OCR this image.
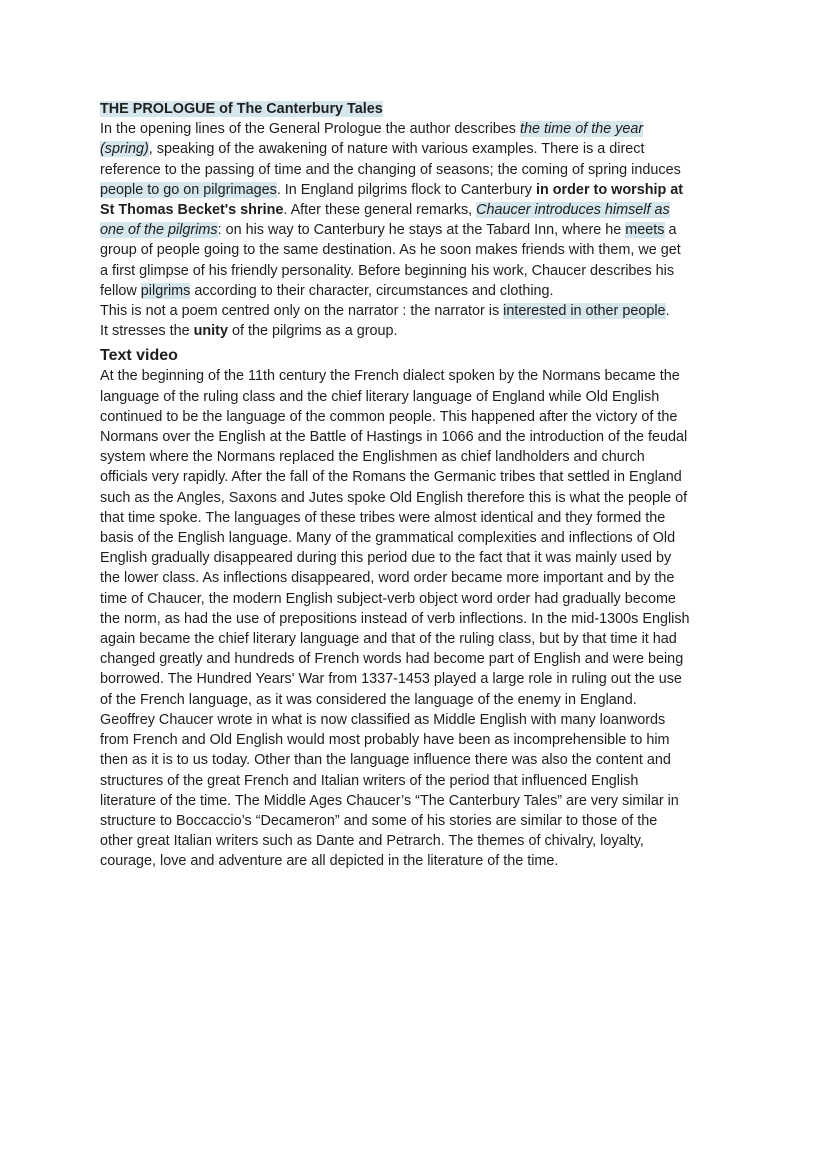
THE PROLOGUE of The Canterbury Tales
In the opening lines of the General Prologue the author describes the time of the year
(spring), speaking of the awakening of nature with various examples. There is a direct
reference to the passing of time and the changing of seasons; the coming of spring induces
people to go on pilgrimages. In England pilgrims flock to Canterbury in order to worship at
St Thomas Becket's shrine. After these general remarks, Chaucer introduces himself as
one of the pilgrims: on his way to Canterbury he stays at the Tabard Inn, where he meets a
group of people going to the same destination. As he soon makes friends with them, we get
a first glimpse of his friendly personality. Before beginning his work, Chaucer describes his
fellow pilgrims according to their character, circumstances and clothing.
This is not a poem centred only on the narrator : the narrator is interested in other people.
It stresses the unity of the pilgrims as a group.
Text video
At the beginning of the 11th century the French dialect spoken by the Normans became the
language of the ruling class and the chief literary language of England while Old English
continued to be the language of the common people. This happened after the victory of the
Normans over the English at the Battle of Hastings in 1066 and the introduction of the feudal
system where the Normans replaced the Englishmen as chief landholders and church
officials very rapidly. After the fall of the Romans the Germanic tribes that settled in England
such as the Angles, Saxons and Jutes spoke Old English therefore this is what the people of
that time spoke. The languages of these tribes were almost identical and they formed the
basis of the English language. Many of the grammatical complexities and inflections of Old
English gradually disappeared during this period due to the fact that it was mainly used by
the lower class. As inflections disappeared, word order became more important and by the
time of Chaucer, the modern English subject-verb object word order had gradually become
the norm, as had the use of prepositions instead of verb inflections. In the mid-1300s English
again became the chief literary language and that of the ruling class, but by that time it had
changed greatly and hundreds of French words had become part of English and were being
borrowed. The Hundred Years' War from 1337-1453 played a large role in ruling out the use
of the French language, as it was considered the language of the enemy in England.
Geoffrey Chaucer wrote in what is now classified as Middle English with many loanwords
from French and Old English would most probably have been as incomprehensible to him
then as it is to us today. Other than the language influence there was also the content and
structures of the great French and Italian writers of the period that influenced English
literature of the time. The Middle Ages Chaucer’s “The Canterbury Tales” are very similar in
structure to Boccaccio’s “Decameron” and some of his stories are similar to those of the
other great Italian writers such as Dante and Petrarch. The themes of chivalry, loyalty,
courage, love and adventure are all depicted in the literature of the time.
